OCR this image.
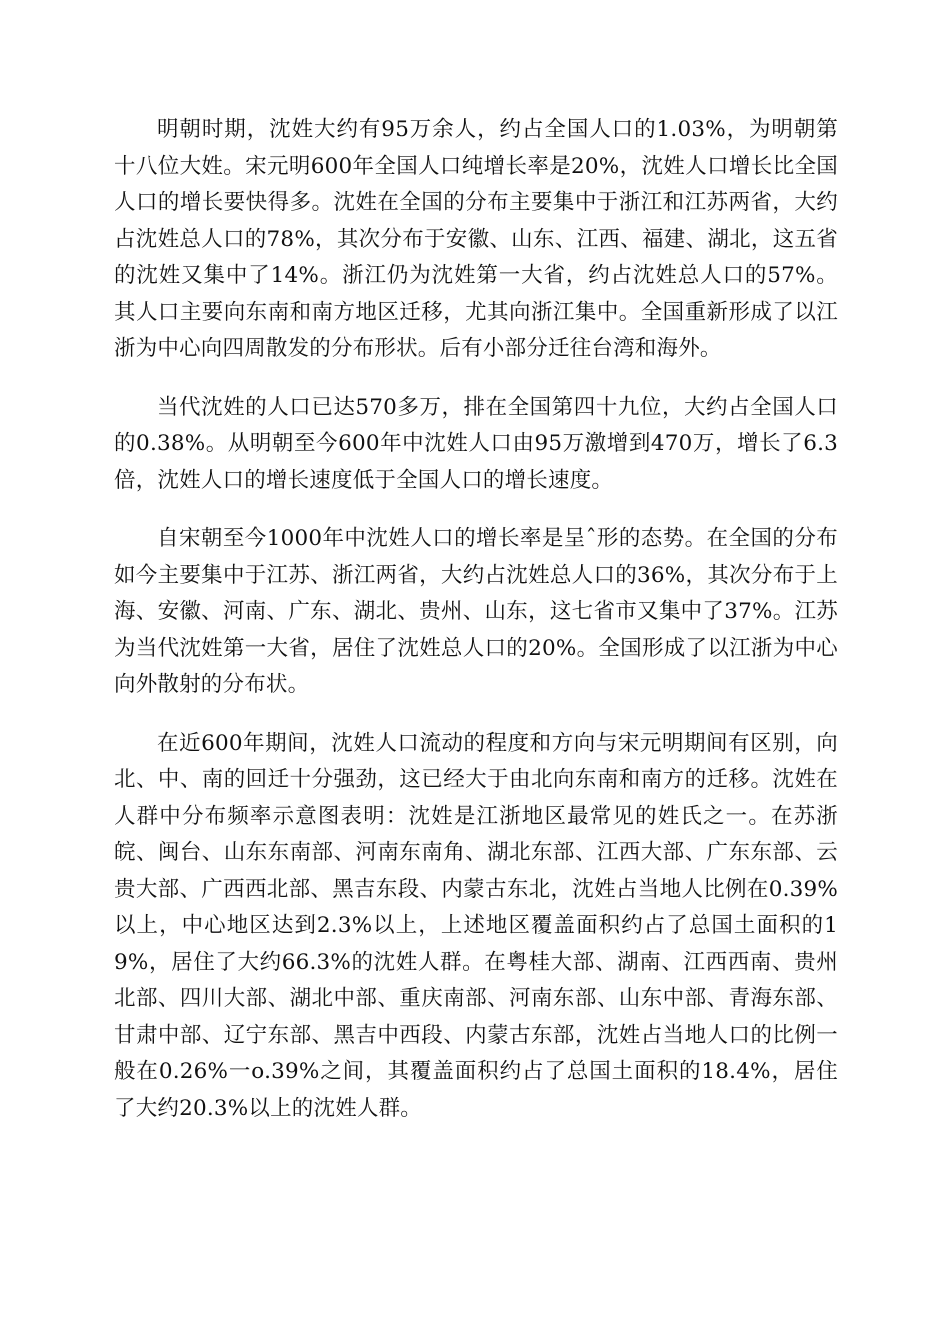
明朝时期，沈姓大约有95万余人，约占全国人口的1.03%，为明朝第十八位大姓。宋元明600年全国人口纯增长率是20%，沈姓人口增长比全国人口的增长要快得多。沈姓在全国的分布主要集中于浙江和江苏两省，大约占沈姓总人口的78%，其次分布于安徽、山东、江西、福建、湖北，这五省的沈姓又集中了14%。浙江仍为沈姓第一大省，约占沈姓总人口的57%。其人口主要向东南和南方地区迁移，尤其向浙江集中。全国重新形成了以江浙为中心向四周散发的分布形状。后有小部分迁往台湾和海外。

当代沈姓的人口已达570多万，排在全国第四十九位，大约占全国人口的0.38%。从明朝至今600年中沈姓人口由95万激增到470万，增长了6.3倍，沈姓人口的增长速度低于全国人口的增长速度。

自宋朝至今1000年中沈姓人口的增长率是呈ˆ形的态势。在全国的分布如今主要集中于江苏、浙江两省，大约占沈姓总人口的36%，其次分布于上海、安徽、河南、广东、湖北、贵州、山东，这七省市又集中了37%。江苏为当代沈姓第一大省，居住了沈姓总人口的20%。全国形成了以江浙为中心向外散射的分布状。

在近600年期间，沈姓人口流动的程度和方向与宋元明期间有区别，向北、中、南的回迁十分强劲，这已经大于由北向东南和南方的迁移。沈姓在人群中分布频率示意图表明：沈姓是江浙地区最常见的姓氏之一。在苏浙皖、闽台、山东东南部、河南东南角、湖北东部、江西大部、广东东部、云贵大部、广西西北部、黑吉东段、内蒙古东北，沈姓占当地人比例在0.39%以上，中心地区达到2.3%以上，上述地区覆盖面积约占了总国土面积的19%，居住了大约66.3%的沈姓人群。在粤桂大部、湖南、江西西南、贵州北部、四川大部、湖北中部、重庆南部、河南东部、山东中部、青海东部、甘肃中部、辽宁东部、黑吉中西段、内蒙古东部，沈姓占当地人口的比例一般在0.26%一o.39%之间，其覆盖面积约占了总国土面积的18.4%，居住了大约20.3%以上的沈姓人群。
